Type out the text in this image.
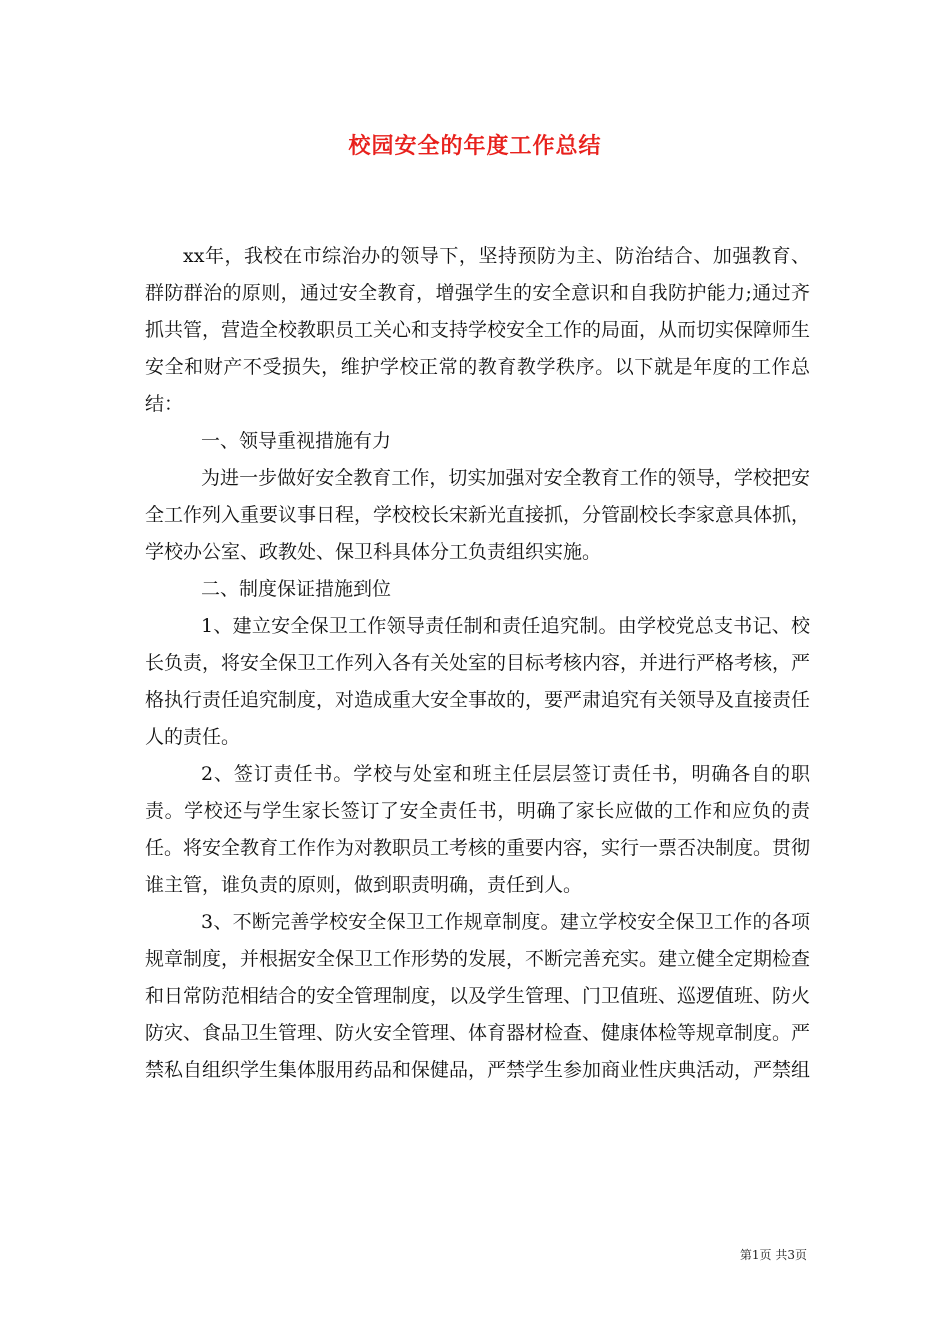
校园安全的年度工作总结

xx年，我校在市综治办的领导下，坚持预防为主、防治结合、加强教育、群防群治的原则，通过安全教育，增强学生的安全意识和自我防护能力;通过齐抓共管，营造全校教职员工关心和支持学校安全工作的局面，从而切实保障师生安全和财产不受损失，维护学校正常的教育教学秩序。以下就是年度的工作总结：

一、领导重视措施有力

为进一步做好安全教育工作，切实加强对安全教育工作的领导，学校把安全工作列入重要议事日程，学校校长宋新光直接抓，分管副校长李家意具体抓，学校办公室、政教处、保卫科具体分工负责组织实施。

二、制度保证措施到位

1、建立安全保卫工作领导责任制和责任追究制。由学校党总支书记、校长负责，将安全保卫工作列入各有关处室的目标考核内容，并进行严格考核，严格执行责任追究制度，对造成重大安全事故的，要严肃追究有关领导及直接责任人的责任。

2、签订责任书。学校与处室和班主任层层签订责任书，明确各自的职责。学校还与学生家长签订了安全责任书，明确了家长应做的工作和应负的责任。将安全教育工作作为对教职员工考核的重要内容，实行一票否决制度。贯彻谁主管，谁负责的原则，做到职责明确，责任到人。

3、不断完善学校安全保卫工作规章制度。建立学校安全保卫工作的各项规章制度，并根据安全保卫工作形势的发展，不断完善充实。建立健全定期检查和日常防范相结合的安全管理制度，以及学生管理、门卫值班、巡逻值班、防火防灾、食品卫生管理、防火安全管理、体育器材检查、健康体检等规章制度。严禁私自组织学生集体服用药品和保健品，严禁学生参加商业性庆典活动，严禁组

第1页 共3页
